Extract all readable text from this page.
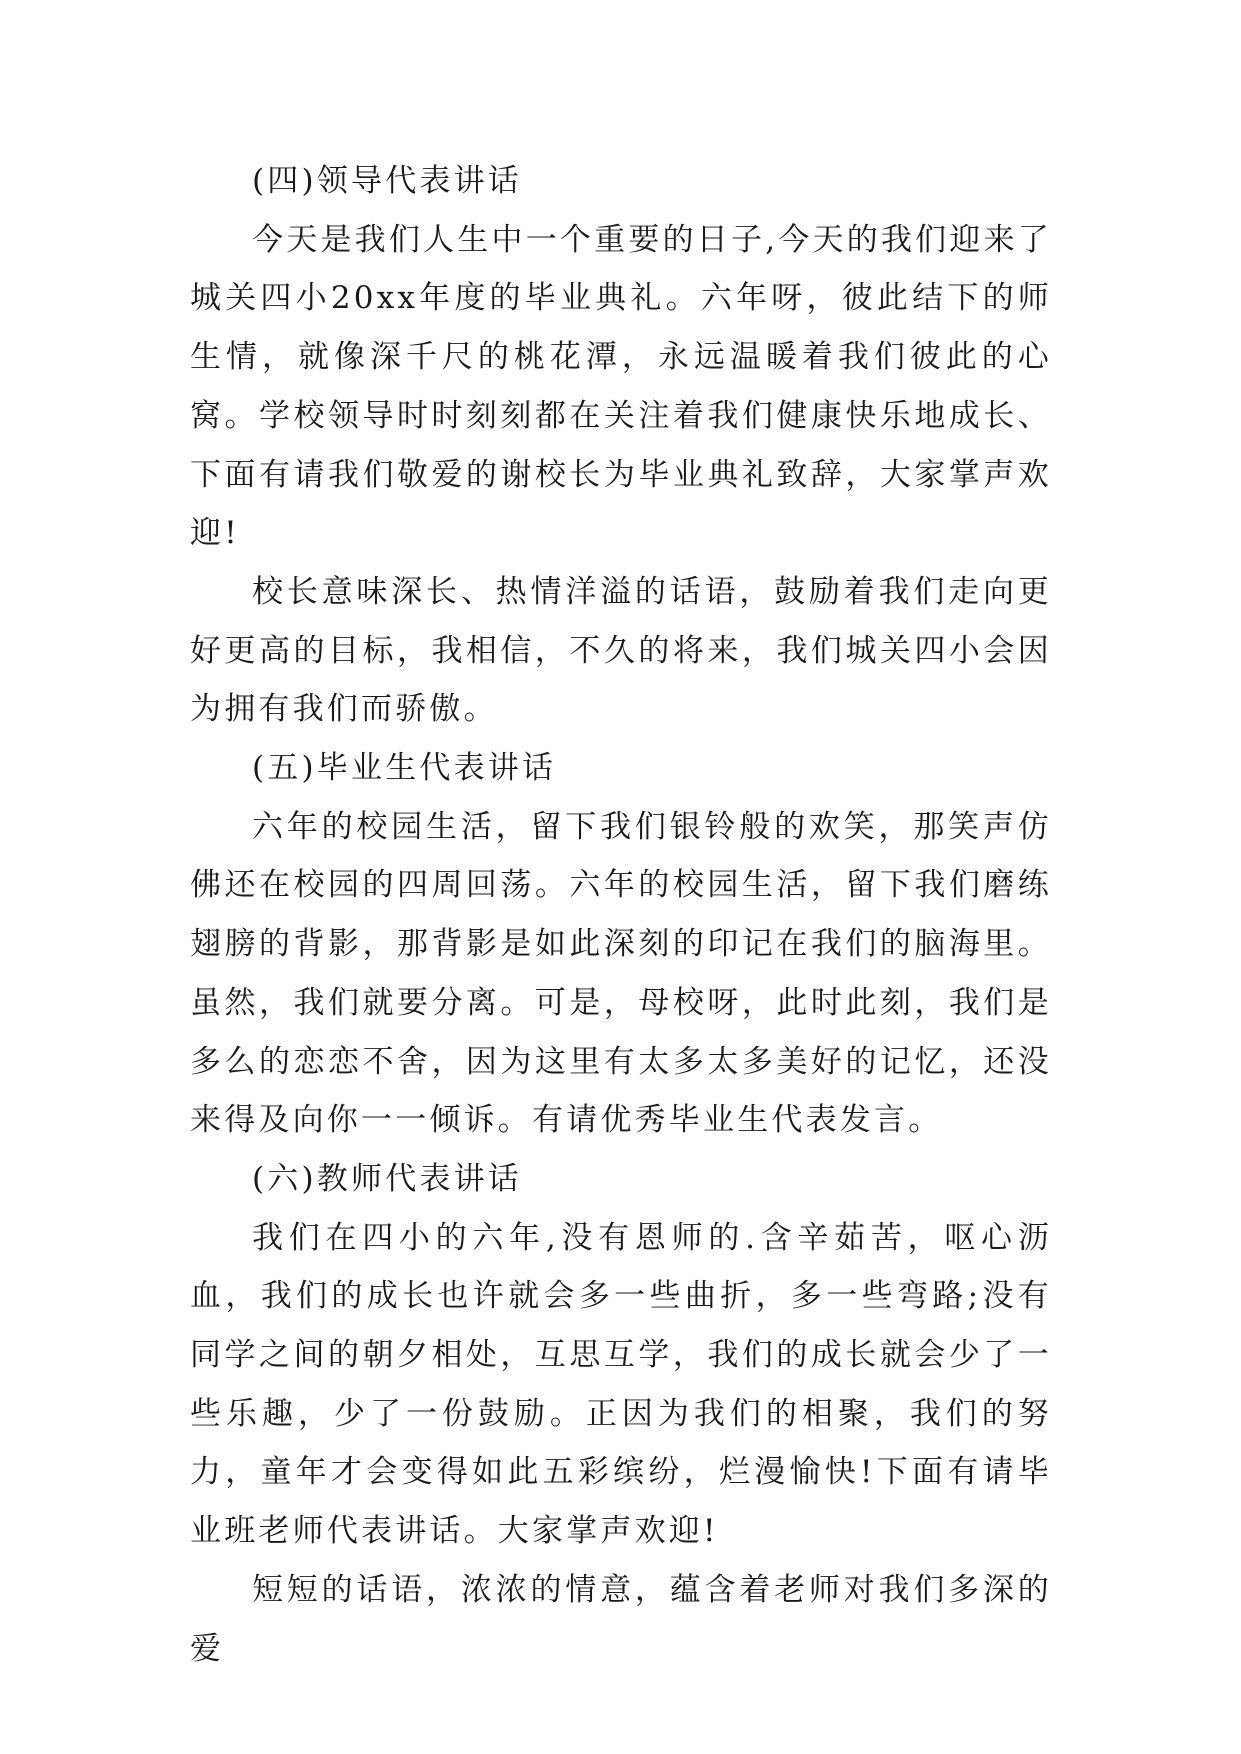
(四)领导代表讲话

今天是我们人生中一个重要的日子,今天的我们迎来了城关四小20xx年度的毕业典礼。六年呀，彼此结下的师生情，就像深千尺的桃花潭，永远温暖着我们彼此的心窝。学校领导时时刻刻都在关注着我们健康快乐地成长、下面有请我们敬爱的谢校长为毕业典礼致辞，大家掌声欢迎!

校长意味深长、热情洋溢的话语，鼓励着我们走向更好更高的目标，我相信，不久的将来，我们城关四小会因为拥有我们而骄傲。

(五)毕业生代表讲话

六年的校园生活，留下我们银铃般的欢笑，那笑声仿佛还在校园的四周回荡。六年的校园生活，留下我们磨练翅膀的背影，那背影是如此深刻的印记在我们的脑海里。虽然，我们就要分离。可是，母校呀，此时此刻，我们是多么的恋恋不舍，因为这里有太多太多美好的记忆，还没来得及向你一一倾诉。有请优秀毕业生代表发言。

(六)教师代表讲话

我们在四小的六年,没有恩师的.含辛茹苦，呕心沥血，我们的成长也许就会多一些曲折，多一些弯路;没有同学之间的朝夕相处，互思互学，我们的成长就会少了一些乐趣，少了一份鼓励。正因为我们的相聚，我们的努力，童年才会变得如此五彩缤纷，烂漫愉快!下面有请毕业班老师代表讲话。大家掌声欢迎!

短短的话语，浓浓的情意，蕴含着老师对我们多深的爱
